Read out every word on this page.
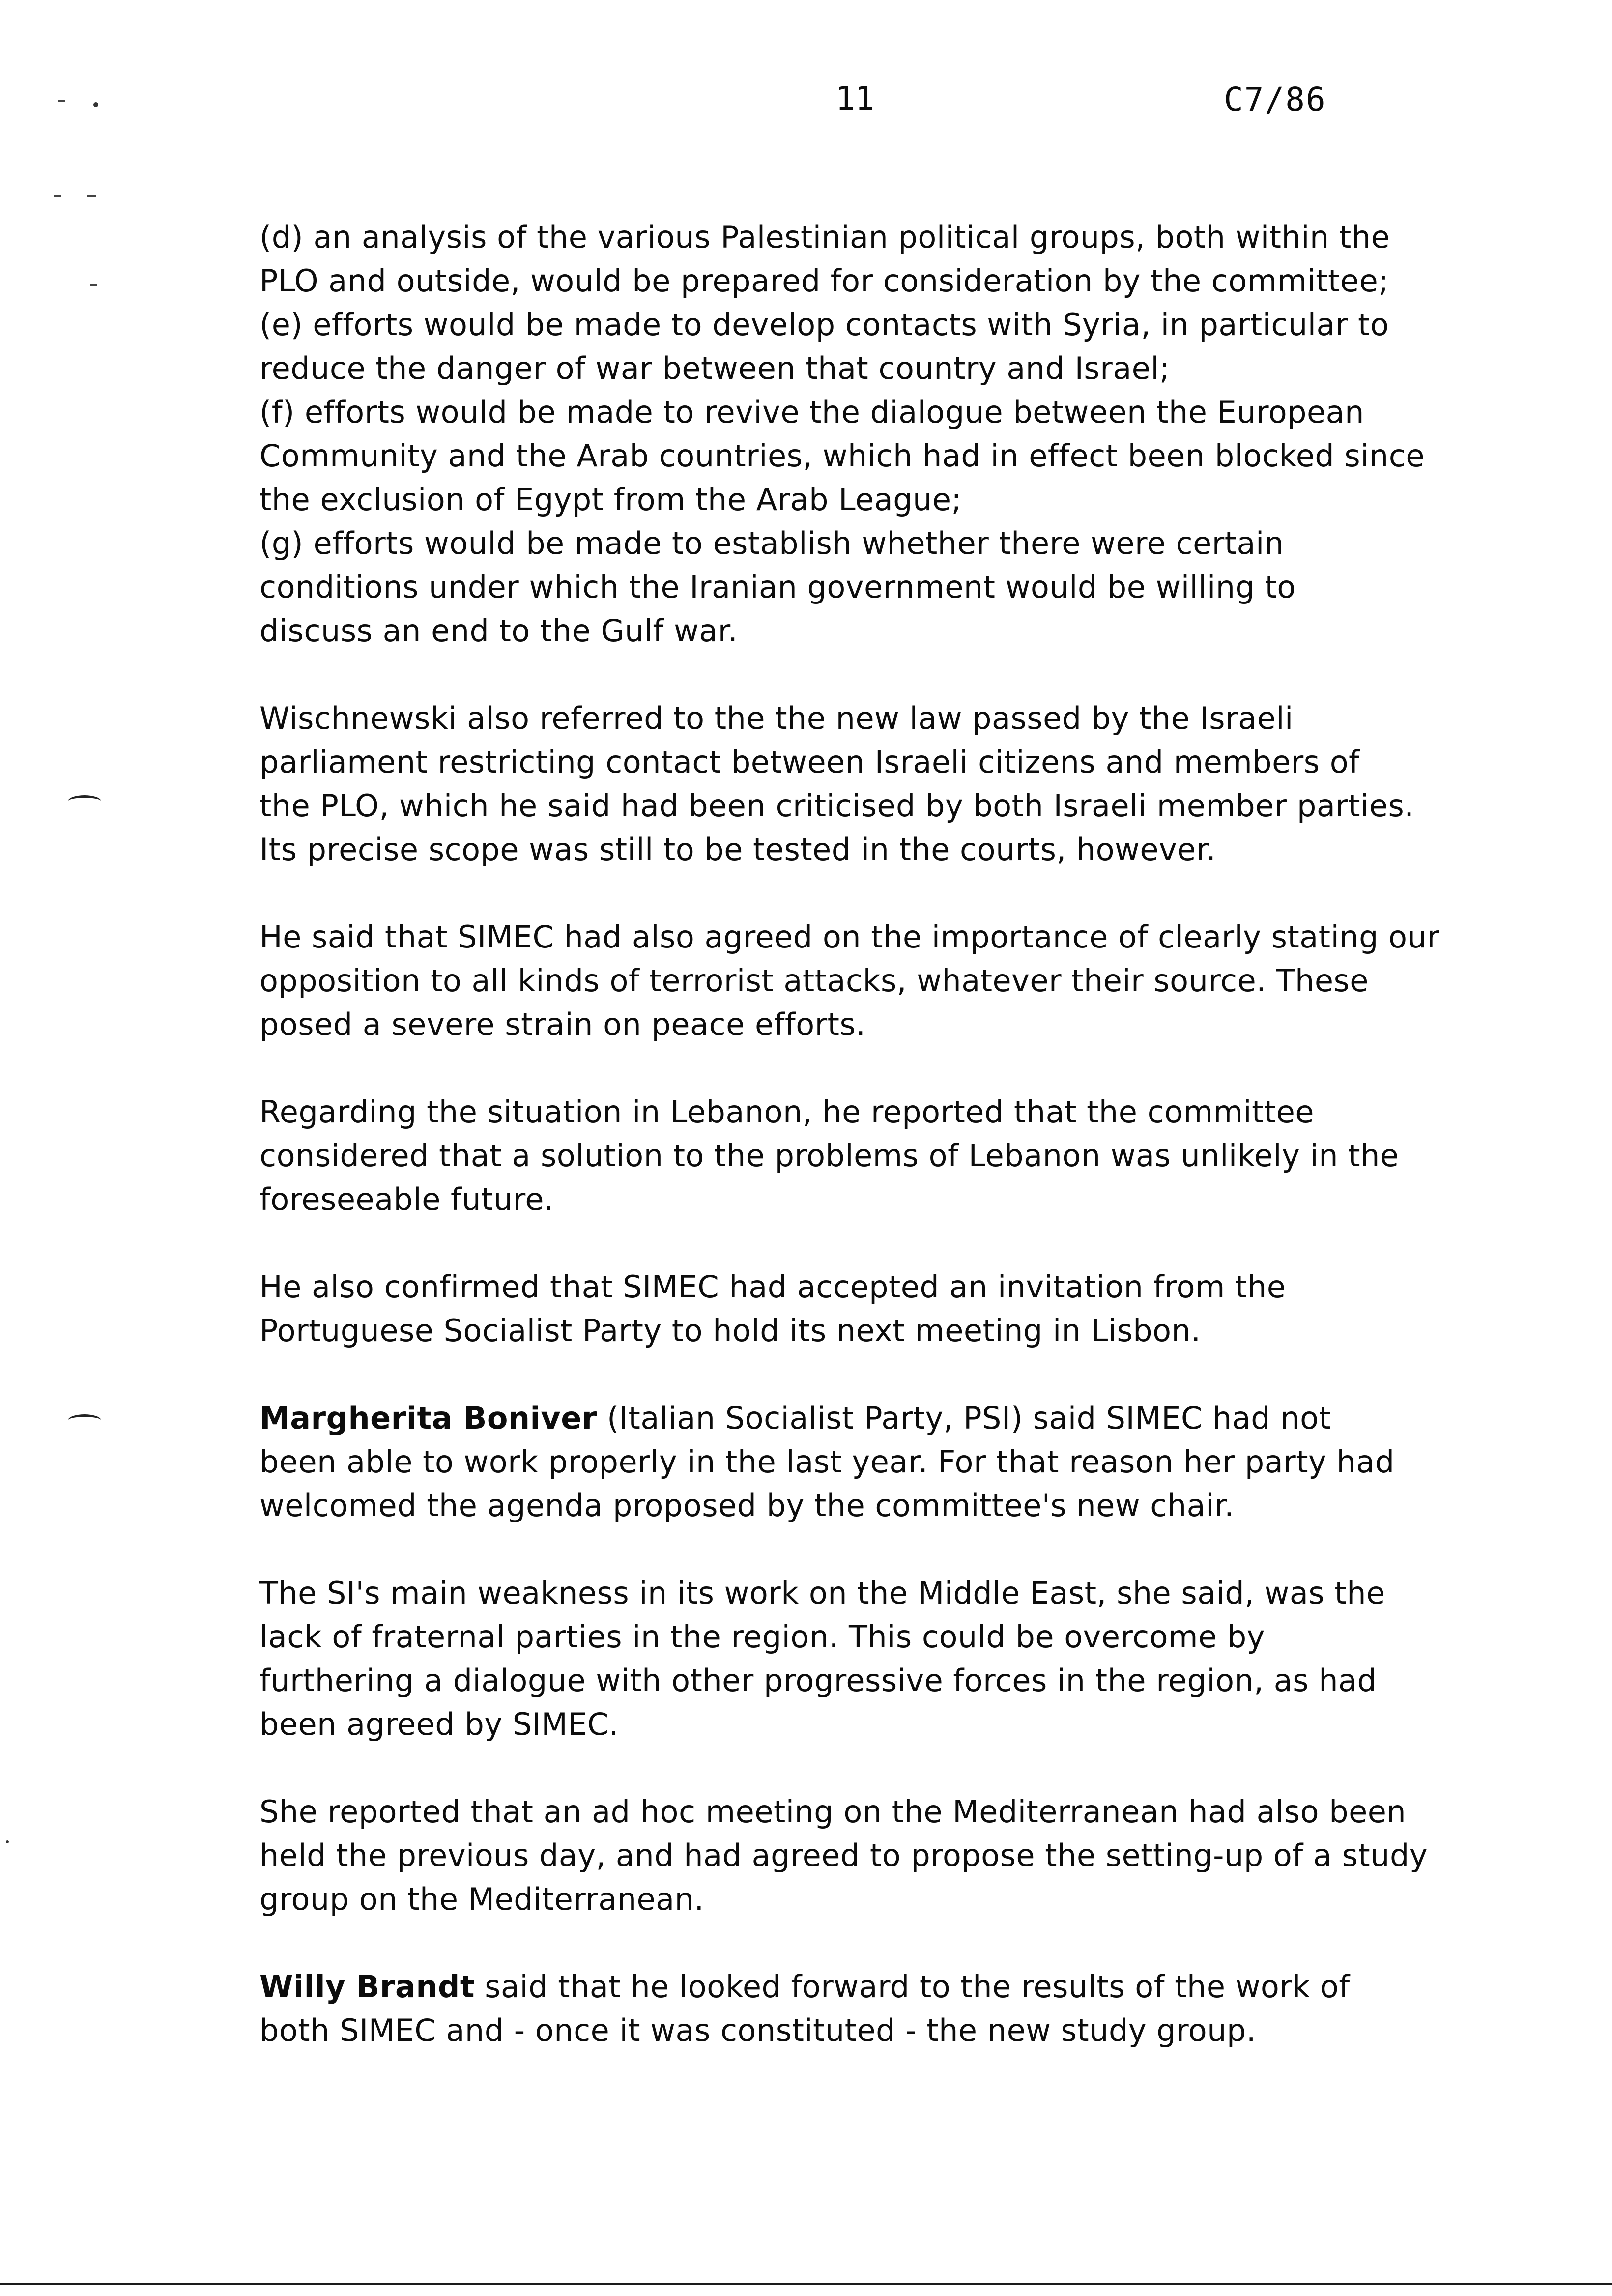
11	C7/86
(d) an analysis of the various Palestinian political groups, both within the
PLO and outside, would be prepared for consideration by the committee;
(e) efforts would be made to develop contacts with Syria, in particular to
reduce the danger of war between that country and Israel;
(f) efforts would be made to revive the dialogue between the European
Community and the Arab countries, which had in effect been blocked since
the exclusion of Egypt from the Arab League;
(g) efforts would be made to establish whether there were certain
conditions under which the Iranian government would be willing to
discuss an end to the Gulf war.
Wischnewski also referred to the the new law passed by the Israeli
parliament restricting contact between Israeli citizens and members of
the PLO, which he said had been criticised by both Israeli member parties.
Its precise scope was still to be tested in the courts, however.
He said that SIMEC had also agreed on the importance of clearly stating our
opposition to all kinds of terrorist attacks, whatever their source. These
posed a severe strain on peace efforts.
Regarding the situation in Lebanon, he reported that the committee
considered that a solution to the problems of Lebanon was unlikely in the
foreseeable future.
He also confirmed that SIMEC had accepted an invitation from the
Portuguese Socialist Party to hold its next meeting in Lisbon.
Margherita Boniver (Italian Socialist Party, PSI) said SIMEC had not
been able to work properly in the last year. For that reason her party had
welcomed the agenda proposed by the committee's new chair.
The SI's main weakness in its work on the Middle East, she said, was the
lack of fraternal parties in the region. This could be overcome by
furthering a dialogue with other progressive forces in the region, as had
been agreed by SIMEC.
She reported that an ad hoc meeting on the Mediterranean had also been
held the previous day, and had agreed to propose the setting-up of a study
group on the Mediterranean.
Willy Brandt said that he looked forward to the results of the work of
both SIMEC and - once it was constituted - the new study group.
